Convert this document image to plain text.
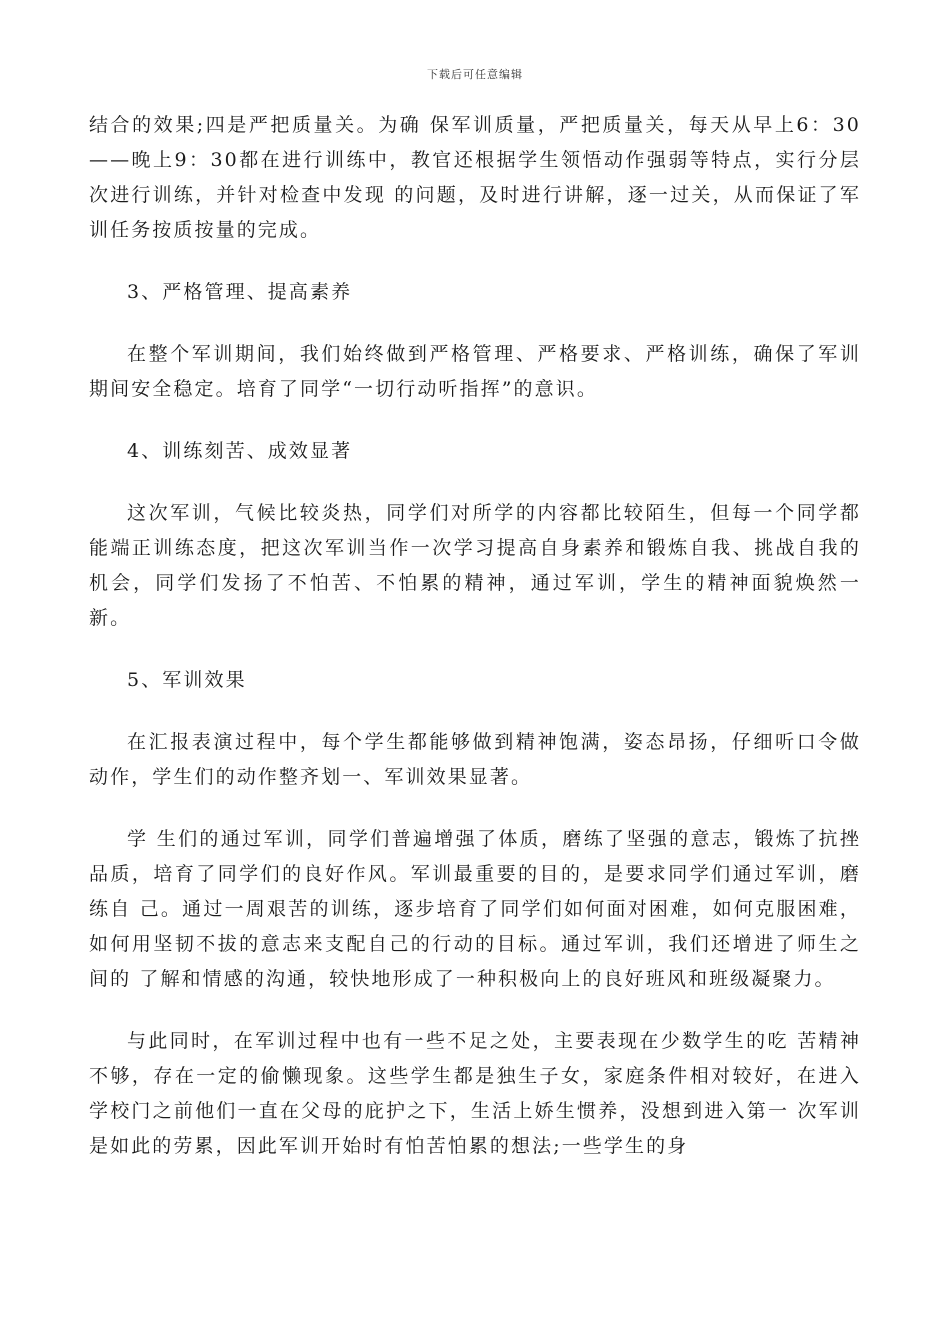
下载后可任意编辑

结合的效果;四是严把质量关。为确 保军训质量，严把质量关，每天从早上6：30——晚上9：30都在进行训练中，教官还根据学生领悟动作强弱等特点，实行分层次进行训练，并针对检查中发现 的问题，及时进行讲解，逐一过关，从而保证了军训任务按质按量的完成。

3、严格管理、提高素养

在整个军训期间，我们始终做到严格管理、严格要求、严格训练，确保了军训期间安全稳定。培育了同学“一切行动听指挥”的意识。

4、训练刻苦、成效显著

这次军训，气候比较炎热，同学们对所学的内容都比较陌生，但每一个同学都能端正训练态度，把这次军训当作一次学习提高自身素养和锻炼自我、挑战自我的机会，同学们发扬了不怕苦、不怕累的精神，通过军训，学生的精神面貌焕然一新。

5、军训效果

在汇报表演过程中，每个学生都能够做到精神饱满，姿态昂扬，仔细听口令做动作，学生们的动作整齐划一、军训效果显著。

学 生们的通过军训，同学们普遍增强了体质，磨练了坚强的意志，锻炼了抗挫品质，培育了同学们的良好作风。军训最重要的目的，是要求同学们通过军训，磨练自 己。通过一周艰苦的训练，逐步培育了同学们如何面对困难，如何克服困难，如何用坚韧不拔的意志来支配自己的行动的目标。通过军训，我们还增进了师生之间的 了解和情感的沟通，较快地形成了一种积极向上的良好班风和班级凝聚力。

与此同时，在军训过程中也有一些不足之处，主要表现在少数学生的吃 苦精神不够，存在一定的偷懒现象。这些学生都是独生子女，家庭条件相对较好，在进入学校门之前他们一直在父母的庇护之下，生活上娇生惯养，没想到进入第一 次军训是如此的劳累，因此军训开始时有怕苦怕累的想法;一些学生的身
